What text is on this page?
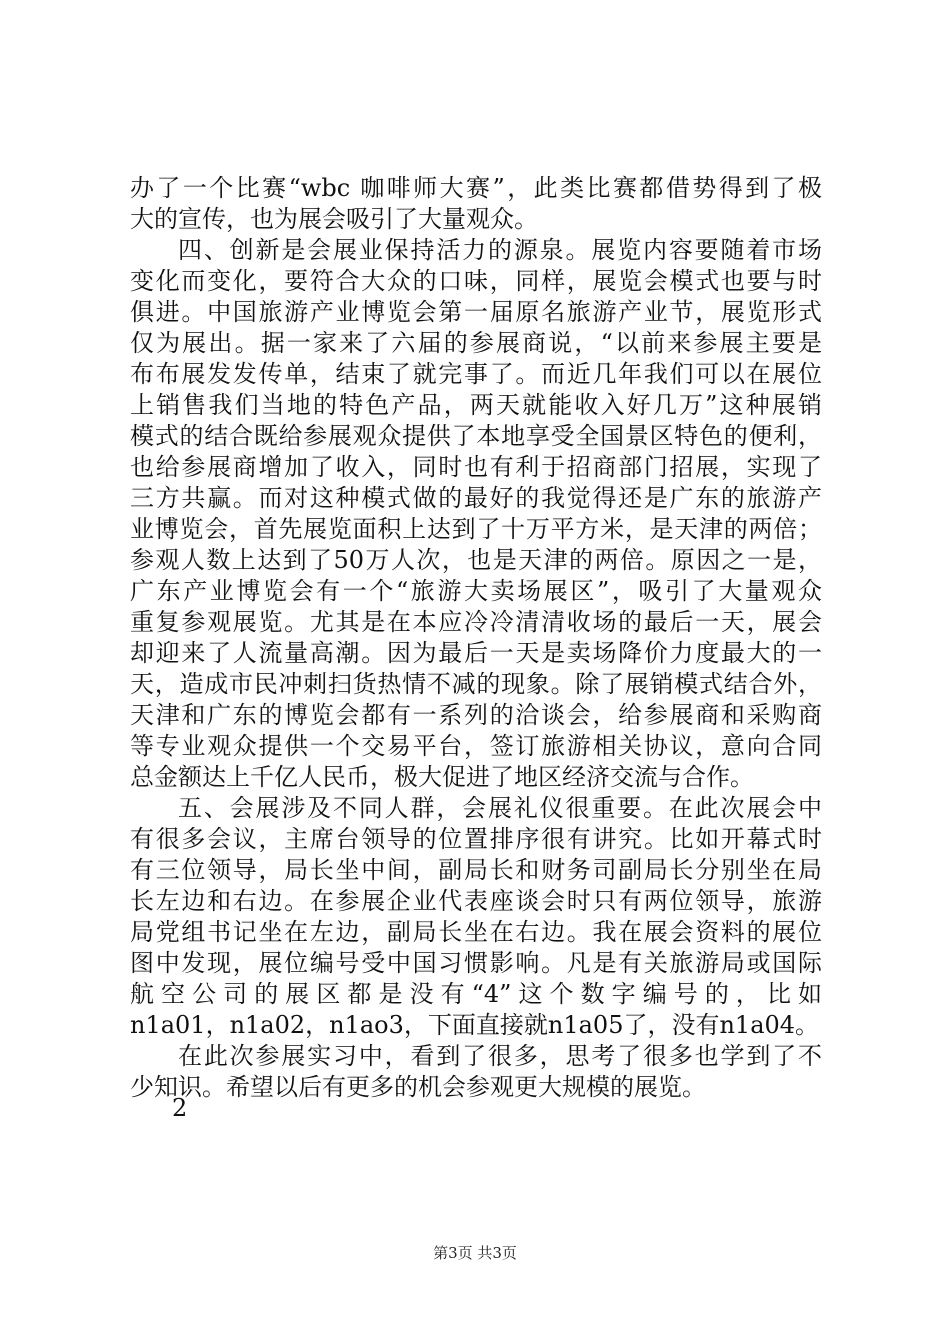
办了一个比赛“wbc 咖啡师大赛”，此类比赛都借势得到了极
大的宣传，也为展会吸引了大量观众。
四、创新是会展业保持活力的源泉。展览内容要随着市场
变化而变化，要符合大众的口味，同样，展览会模式也要与时
俱进。中国旅游产业博览会第一届原名旅游产业节，展览形式
仅为展出。据一家来了六届的参展商说，“以前来参展主要是
布布展发发传单，结束了就完事了。而近几年我们可以在展位
上销售我们当地的特色产品，两天就能收入好几万”这种展销
模式的结合既给参展观众提供了本地享受全国景区特色的便利，
也给参展商增加了收入，同时也有利于招商部门招展，实现了
三方共赢。而对这种模式做的最好的我觉得还是广东的旅游产
业博览会，首先展览面积上达到了十万平方米，是天津的两倍；
参观人数上达到了50万人次，也是天津的两倍。原因之一是，
广东产业博览会有一个“旅游大卖场展区”，吸引了大量观众
重复参观展览。尤其是在本应冷冷清清收场的最后一天，展会
却迎来了人流量高潮。因为最后一天是卖场降价力度最大的一
天，造成市民冲刺扫货热情不减的现象。除了展销模式结合外，
天津和广东的博览会都有一系列的洽谈会，给参展商和采购商
等专业观众提供一个交易平台，签订旅游相关协议，意向合同
总金额达上千亿人民币，极大促进了地区经济交流与合作。
五、会展涉及不同人群，会展礼仪很重要。在此次展会中
有很多会议，主席台领导的位置排序很有讲究。比如开幕式时
有三位领导，局长坐中间，副局长和财务司副局长分别坐在局
长左边和右边。在参展企业代表座谈会时只有两位领导，旅游
局党组书记坐在左边，副局长坐在右边。我在展会资料的展位
图中发现，展位编号受中国习惯影响。凡是有关旅游局或国际
航空公司的展区都是没有“4”这个数字编号的，比如
n1a01，n1a02，n1ao3，下面直接就n1a05了，没有n1a04。
在此次参展实习中，看到了很多，思考了很多也学到了不
少知识。希望以后有更多的机会参观更大规模的展览。
2
第3页 共3页
